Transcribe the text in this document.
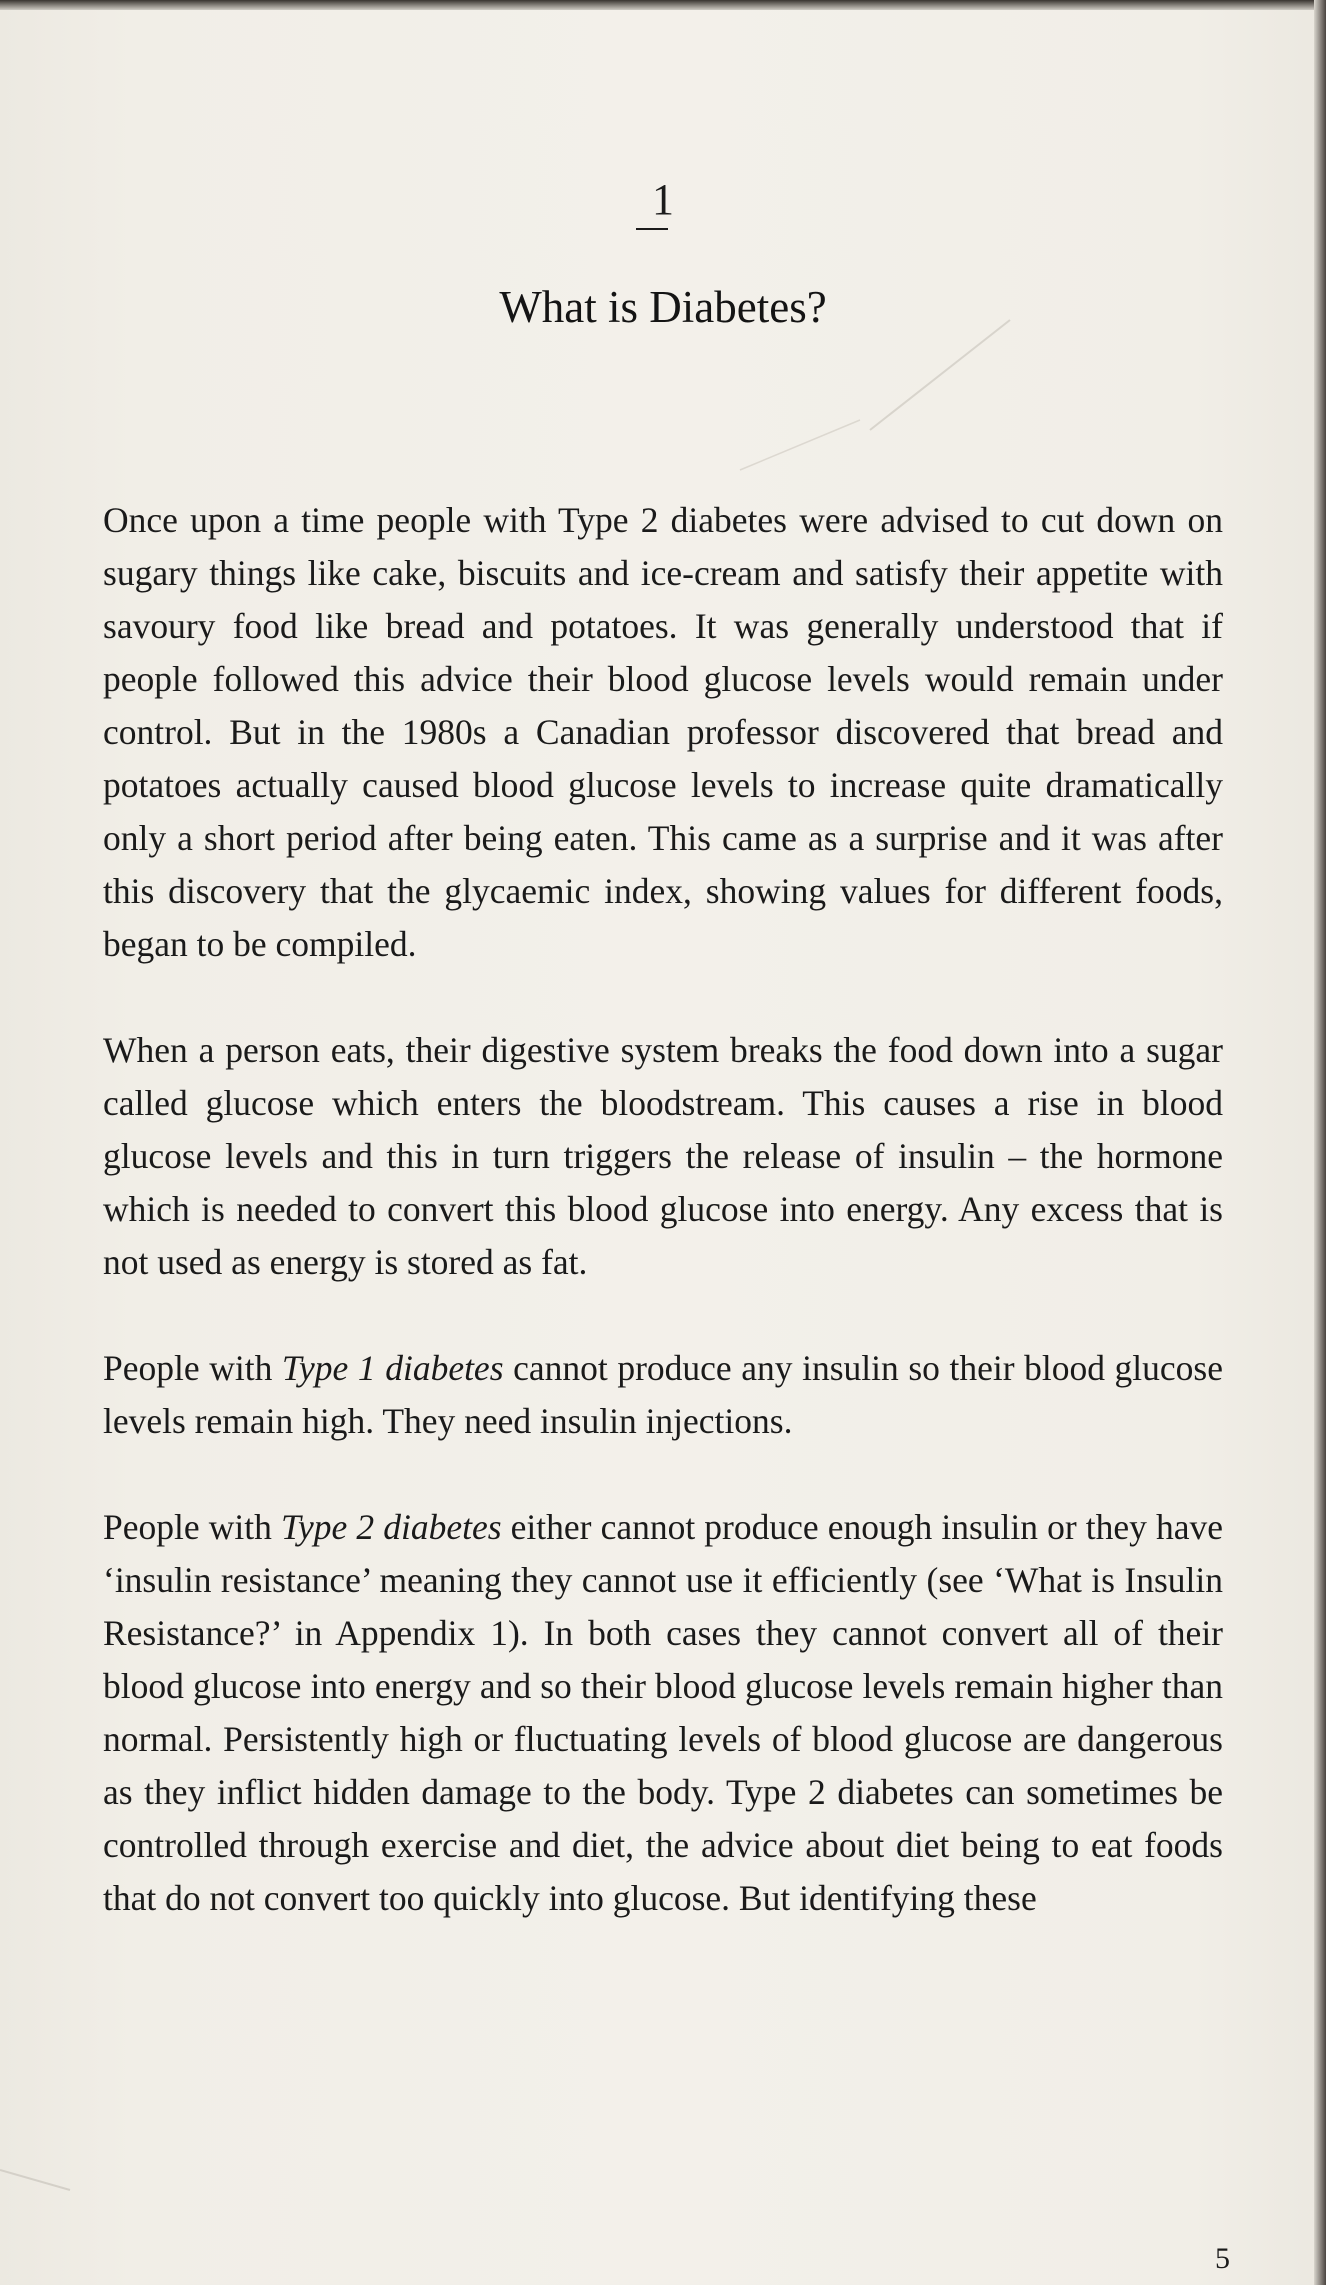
1
What is Diabetes?

Once upon a time people with Type 2 diabetes were advised to cut down on sugary things like cake, biscuits and ice-cream and satisfy their appetite with savoury food like bread and potatoes. It was generally understood that if people followed this advice their blood glucose levels would remain under control. But in the 1980s a Canadian professor discovered that bread and potatoes actually caused blood glucose levels to increase quite dramatically only a short period after being eaten. This came as a surprise and it was after this discovery that the glycaemic index, showing values for different foods, began to be compiled.

When a person eats, their digestive system breaks the food down into a sugar called glucose which enters the bloodstream. This causes a rise in blood glucose levels and this in turn triggers the release of insulin – the hormone which is needed to convert this blood glucose into energy. Any excess that is not used as energy is stored as fat.

People with Type 1 diabetes cannot produce any insulin so their blood glucose levels remain high. They need insulin injections.

People with Type 2 diabetes either cannot produce enough insulin or they have ‘insulin resistance’ meaning they cannot use it efficiently (see ‘What is Insulin Resistance?’ in Appendix 1). In both cases they cannot convert all of their blood glucose into energy and so their blood glucose levels remain higher than normal. Persistently high or fluctuating levels of blood glucose are dangerous as they inflict hidden damage to the body. Type 2 diabetes can sometimes be controlled through exercise and diet, the advice about diet being to eat foods that do not convert too quickly into glucose. But identifying these

5
